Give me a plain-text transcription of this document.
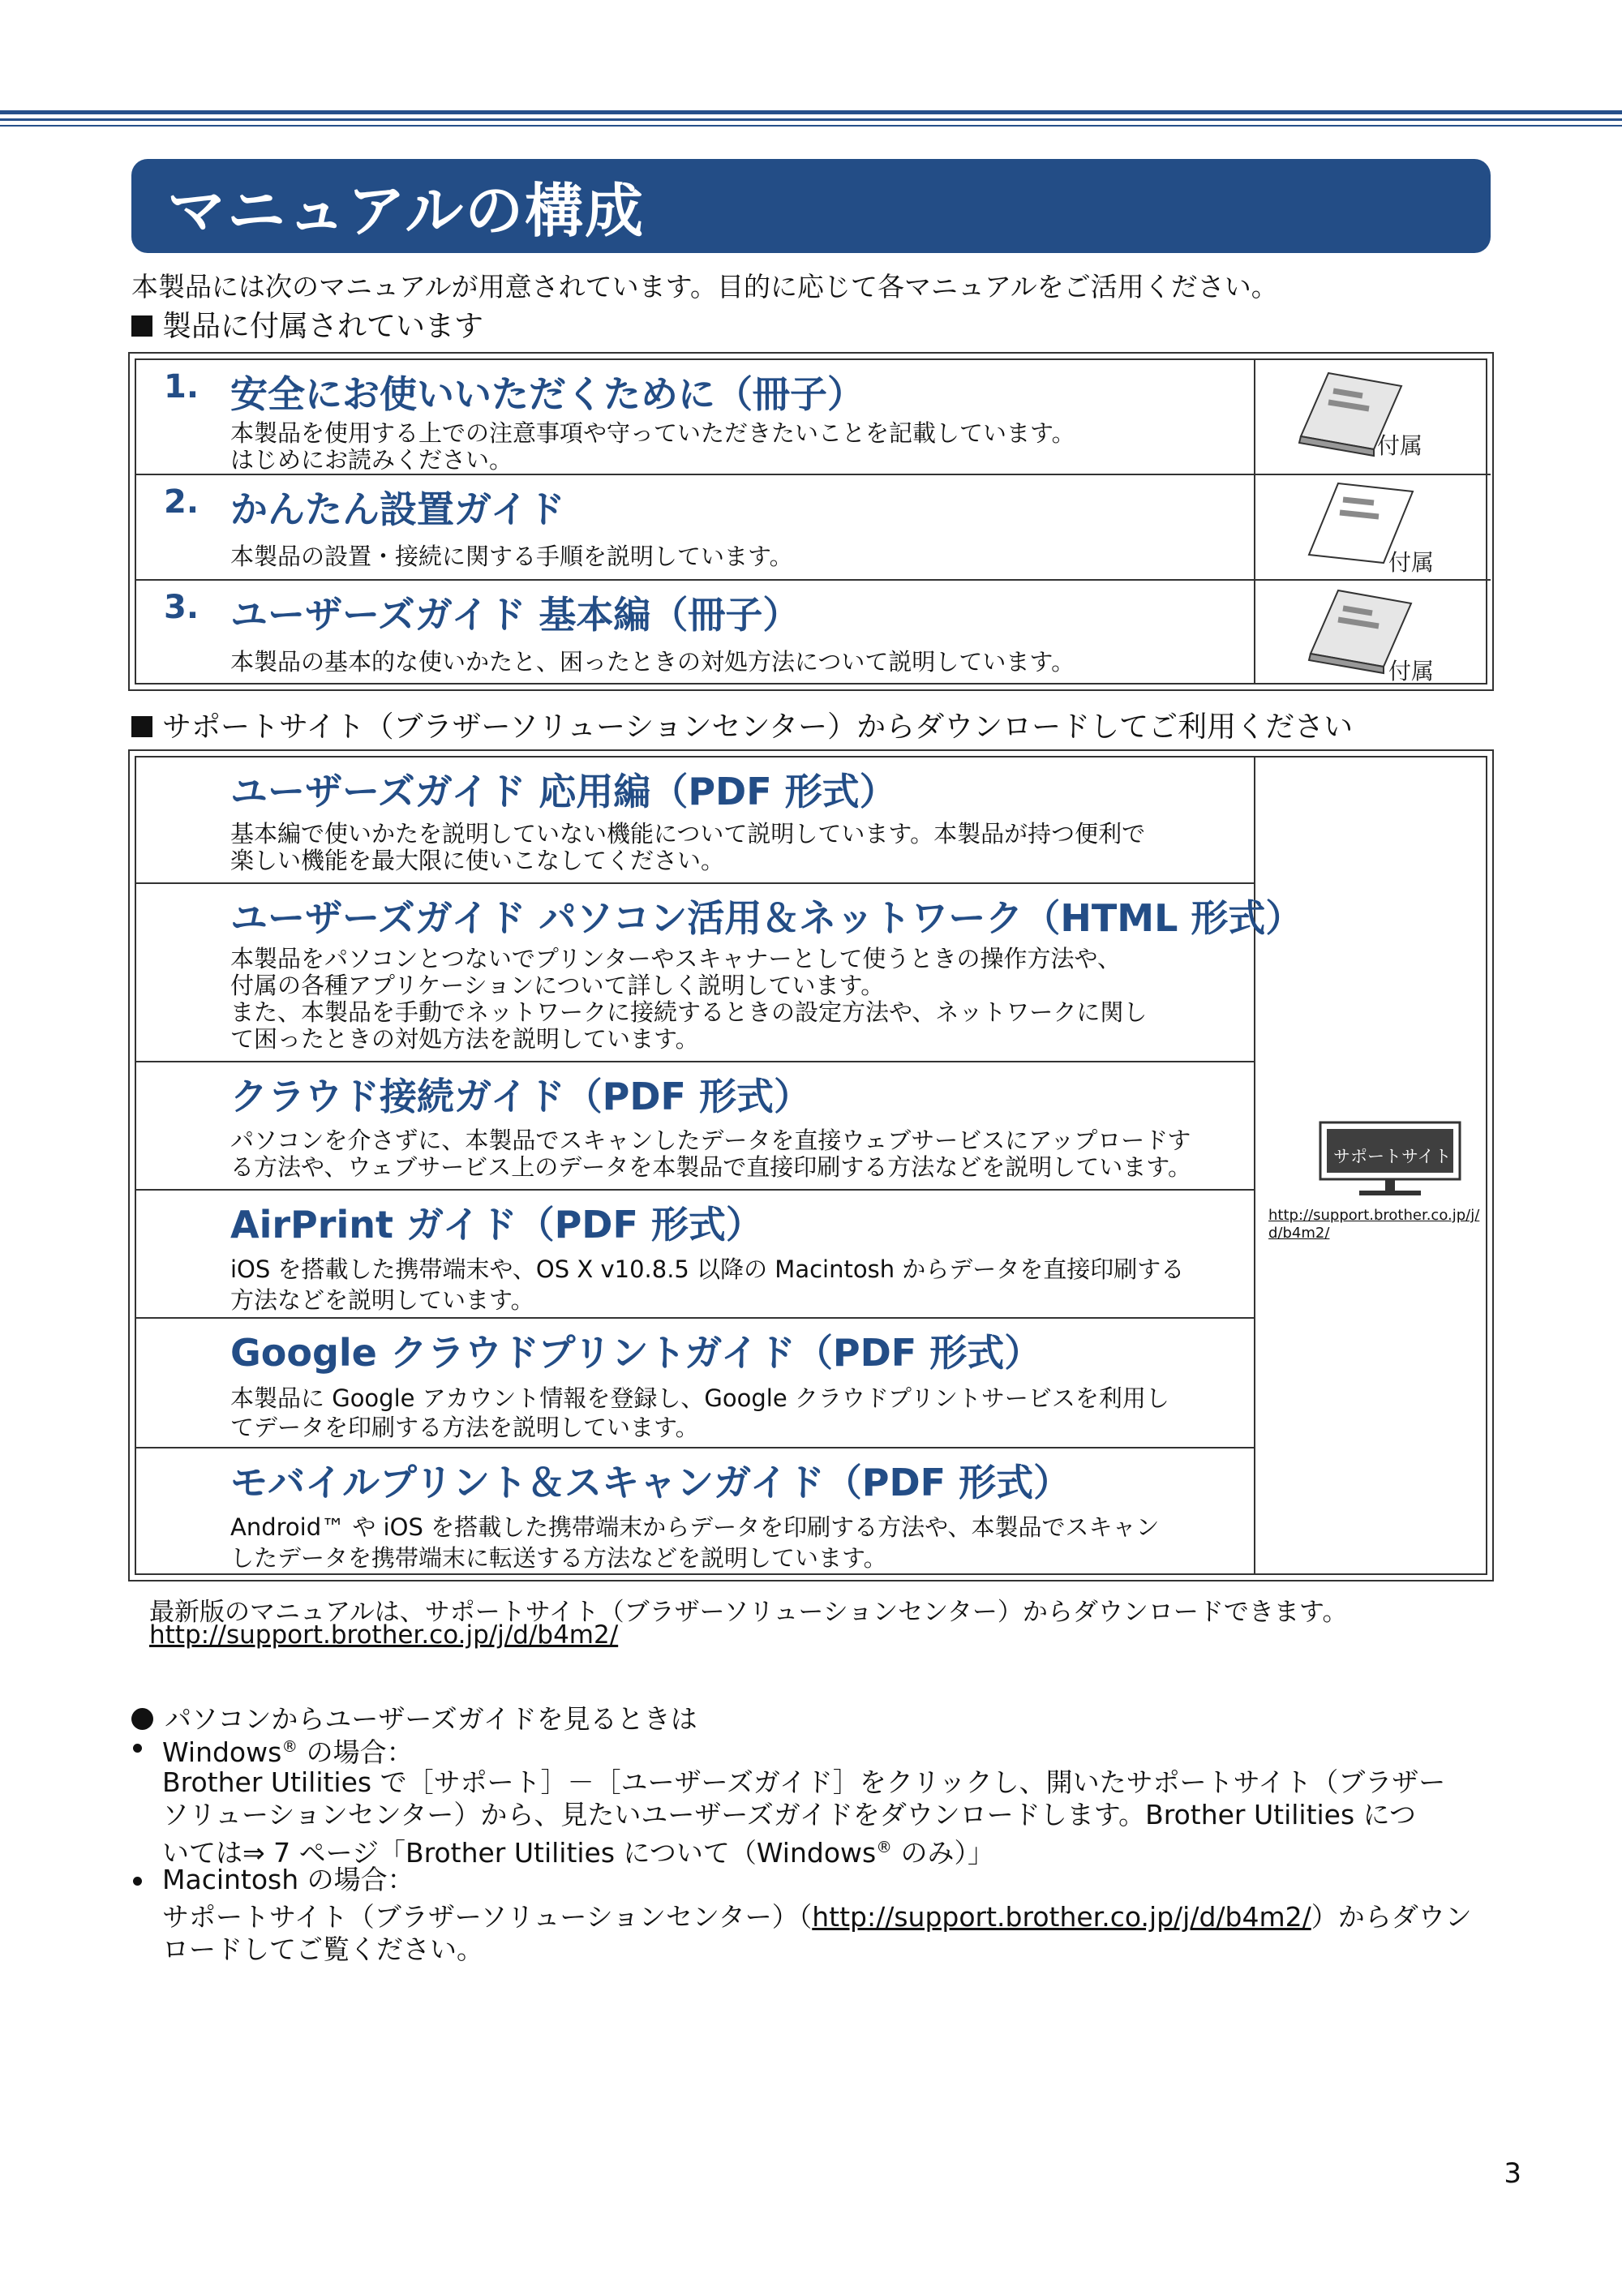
マニュアルの構成
本製品には次のマニュアルが用意されています。目的に応じて各マニュアルをご活用ください。
製品に付属されています
1. 安全にお使いいただくために（冊子）
本製品を使用する上での注意事項や守っていただきたいことを記載しています。
はじめにお読みください。
2. かんたん設置ガイド
本製品の設置・接続に関する手順を説明しています。
3. ユーザーズガイド 基本編（冊子）
本製品の基本的な使いかたと、困ったときの対処方法について説明しています。
付属
付属
付属
サポートサイト（ブラザーソリューションセンター）からダウンロードしてご利用ください
ユーザーズガイド 応用編（PDF 形式）
基本編で使いかたを説明していない機能について説明しています。本製品が持つ便利で
楽しい機能を最大限に使いこなしてください。
ユーザーズガイド パソコン活用＆ネットワーク（HTML 形式）
本製品をパソコンとつないでプリンターやスキャナーとして使うときの操作方法や、
付属の各種アプリケーションについて詳しく説明しています。
また、本製品を手動でネットワークに接続するときの設定方法や、ネットワークに関し
て困ったときの対処方法を説明しています。
クラウド接続ガイド（PDF 形式）
パソコンを介さずに、本製品でスキャンしたデータを直接ウェブサービスにアップロードす
る方法や、ウェブサービス上のデータを本製品で直接印刷する方法などを説明しています。
AirPrint ガイド（PDF 形式）
iOS を搭載した携帯端末や、OS X v10.8.5 以降の Macintosh からデータを直接印刷する
方法などを説明しています。
Google クラウドプリントガイド（PDF 形式）
本製品に Google アカウント情報を登録し、Google クラウドプリントサービスを利用し
てデータを印刷する方法を説明しています。
モバイルプリント＆スキャンガイド（PDF 形式）
Android™ や iOS を搭載した携帯端末からデータを印刷する方法や、本製品でスキャン
したデータを携帯端末に転送する方法などを説明しています。
サポートサイト
http://support.brother.co.jp/j/
d/b4m2/
最新版のマニュアルは、サポートサイト（ブラザーソリューションセンター）からダウンロードできます。
http://support.brother.co.jp/j/d/b4m2/
パソコンからユーザーズガイドを見るときは
Windows® の場合：
Brother Utilities で［サポート］－［ユーザーズガイド］をクリックし、開いたサポートサイト（ブラザー
ソリューションセンター）から、見たいユーザーズガイドをダウンロードします。Brother Utilities につ
いては⇒ 7 ページ「Brother Utilities について（Windows® のみ）」
Macintosh の場合：
サポートサイト（ブラザーソリューションセンター）（http://support.brother.co.jp/j/d/b4m2/）からダウン
ロードしてご覧ください。
3
